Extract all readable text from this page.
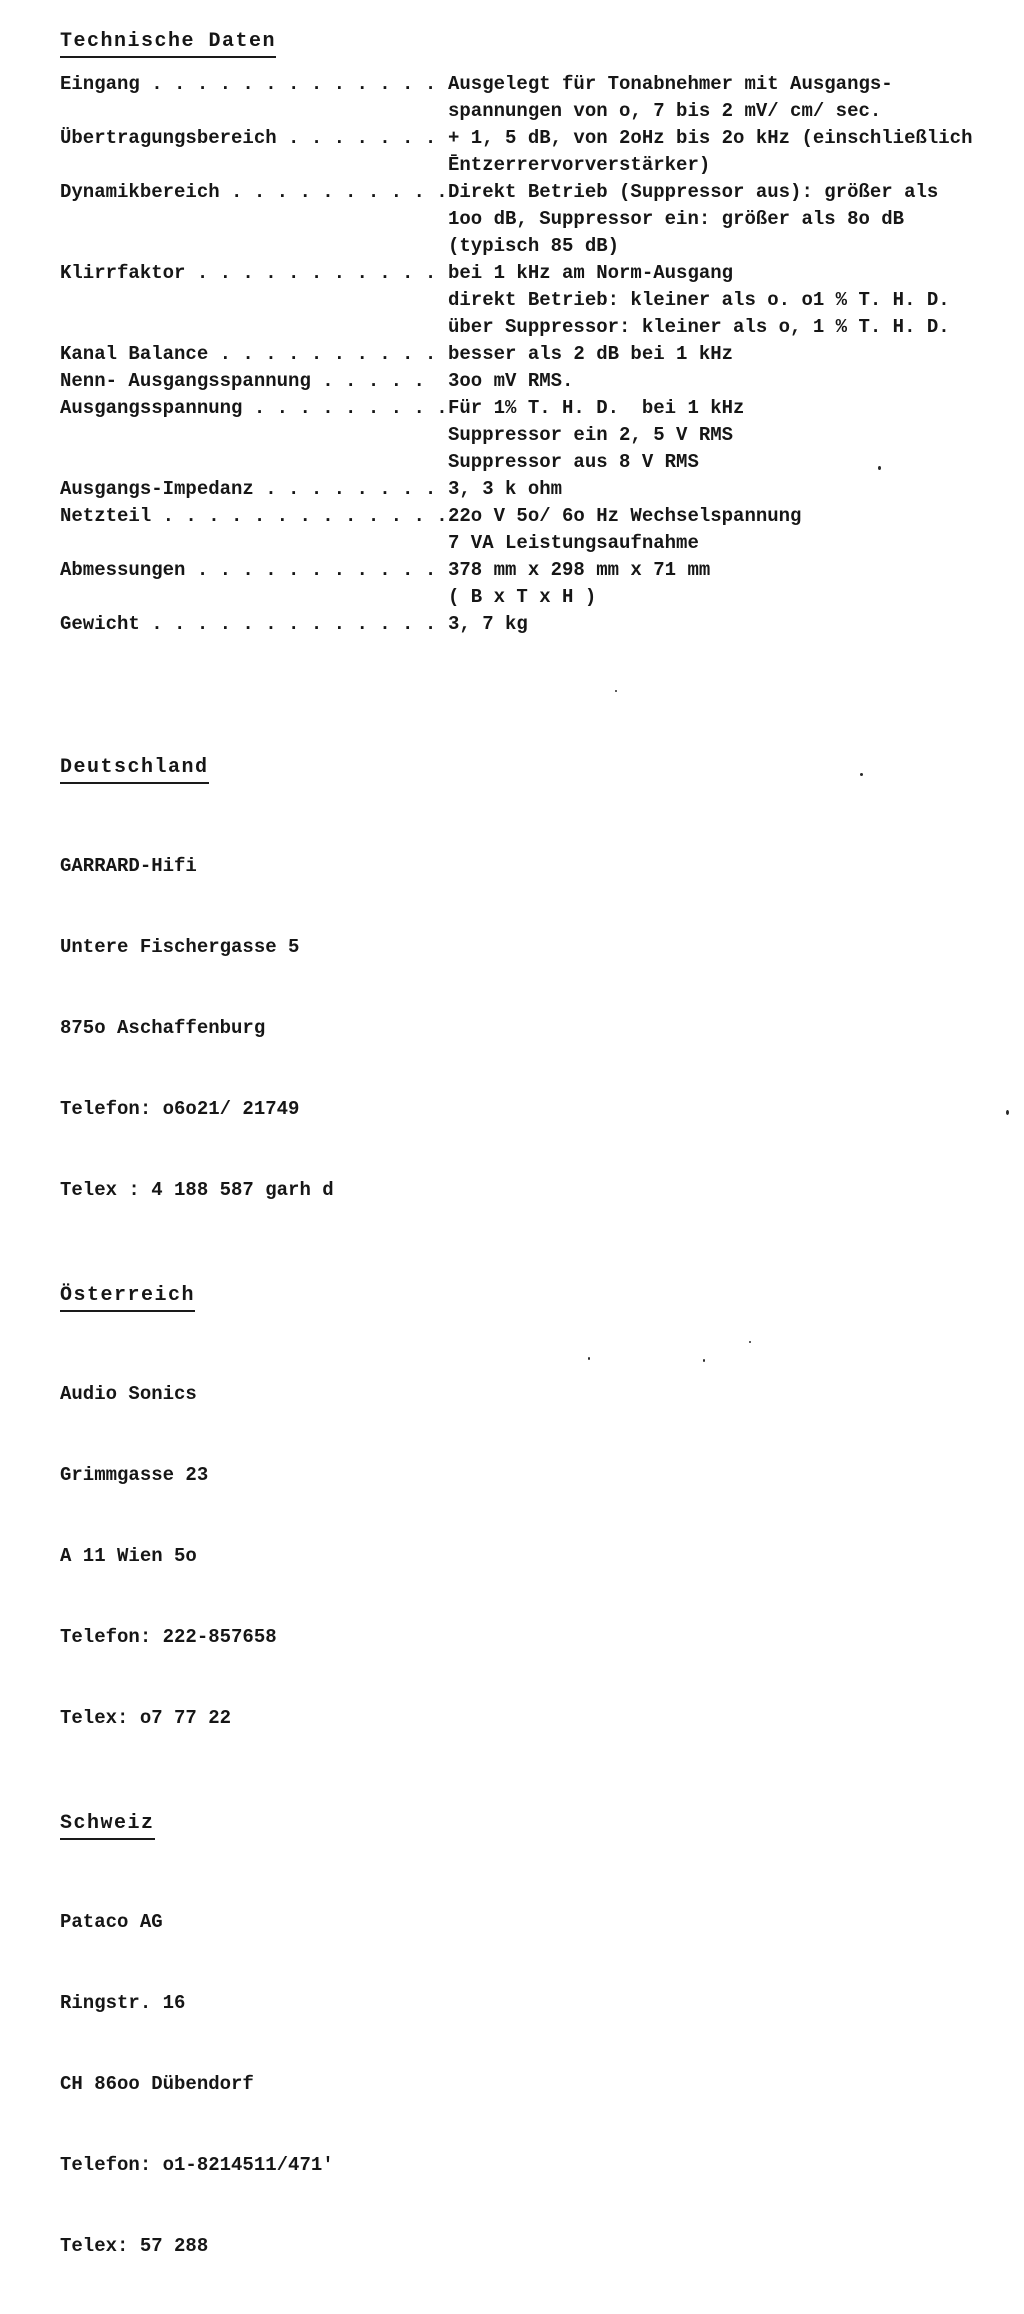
Technische Daten
Eingang . . . . . . . . . . . . . Ausgelegt für Tonabnehmer mit Ausgangs-
spannungen von o, 7 bis 2 mV/ cm/ sec.
Übertragungsbereich . . . . . . . + 1, 5 dB, von 2oHz bis 2o kHz (einschließlich
Ēntzerrervorverstärker)
Dynamikbereich . . . . . . . . . . Direkt Betrieb (Suppressor aus): größer als
1oo dB, Suppressor ein: größer als 8o dB
(typisch 85 dB)
Klirrfaktor . . . . . . . . . . . bei 1 kHz am Norm-Ausgang
direkt Betrieb: kleiner als o. o1 % T. H. D.
über Suppressor: kleiner als o, 1 % T. H. D.
Kanal Balance . . . . . . . . . . besser als 2 dB bei 1 kHz
Nenn- Ausgangsspannung . . . . .	3oo mV RMS.
Ausgangsspannung . . . . . . . . . Für 1% T. H. D.  bei 1 kHz
Suppressor ein 2, 5 V RMS
Suppressor aus 8 V RMS
Ausgangs-Impedanz . . . . . . . . 3, 3 k ohm
Netzteil . . . . . . . . . . . . . 22o V 5o/ 6o Hz Wechselspannung
7 VA Leistungsaufnahme
Abmessungen . . . . . . . . . . . 378 mm x 298 mm x 71 mm
( B x T x H )
Gewicht . . . . . . . . . . . . . 3, 7 kg
Deutschland

GARRARD-Hifi

Untere Fischergasse 5

875o Aschaffenburg

Telefon: o6o21/ 21749

Telex : 4 188 587 garh d

Österreich

Audio Sonics

Grimmgasse 23

A 11 Wien 5o

Telefon: 222-857658

Telex: o7 77 22

Schweiz

Pataco AG

Ringstr. 16

CH 86oo Dübendorf

Telefon: o1-8214511/471'

Telex: 57 288
